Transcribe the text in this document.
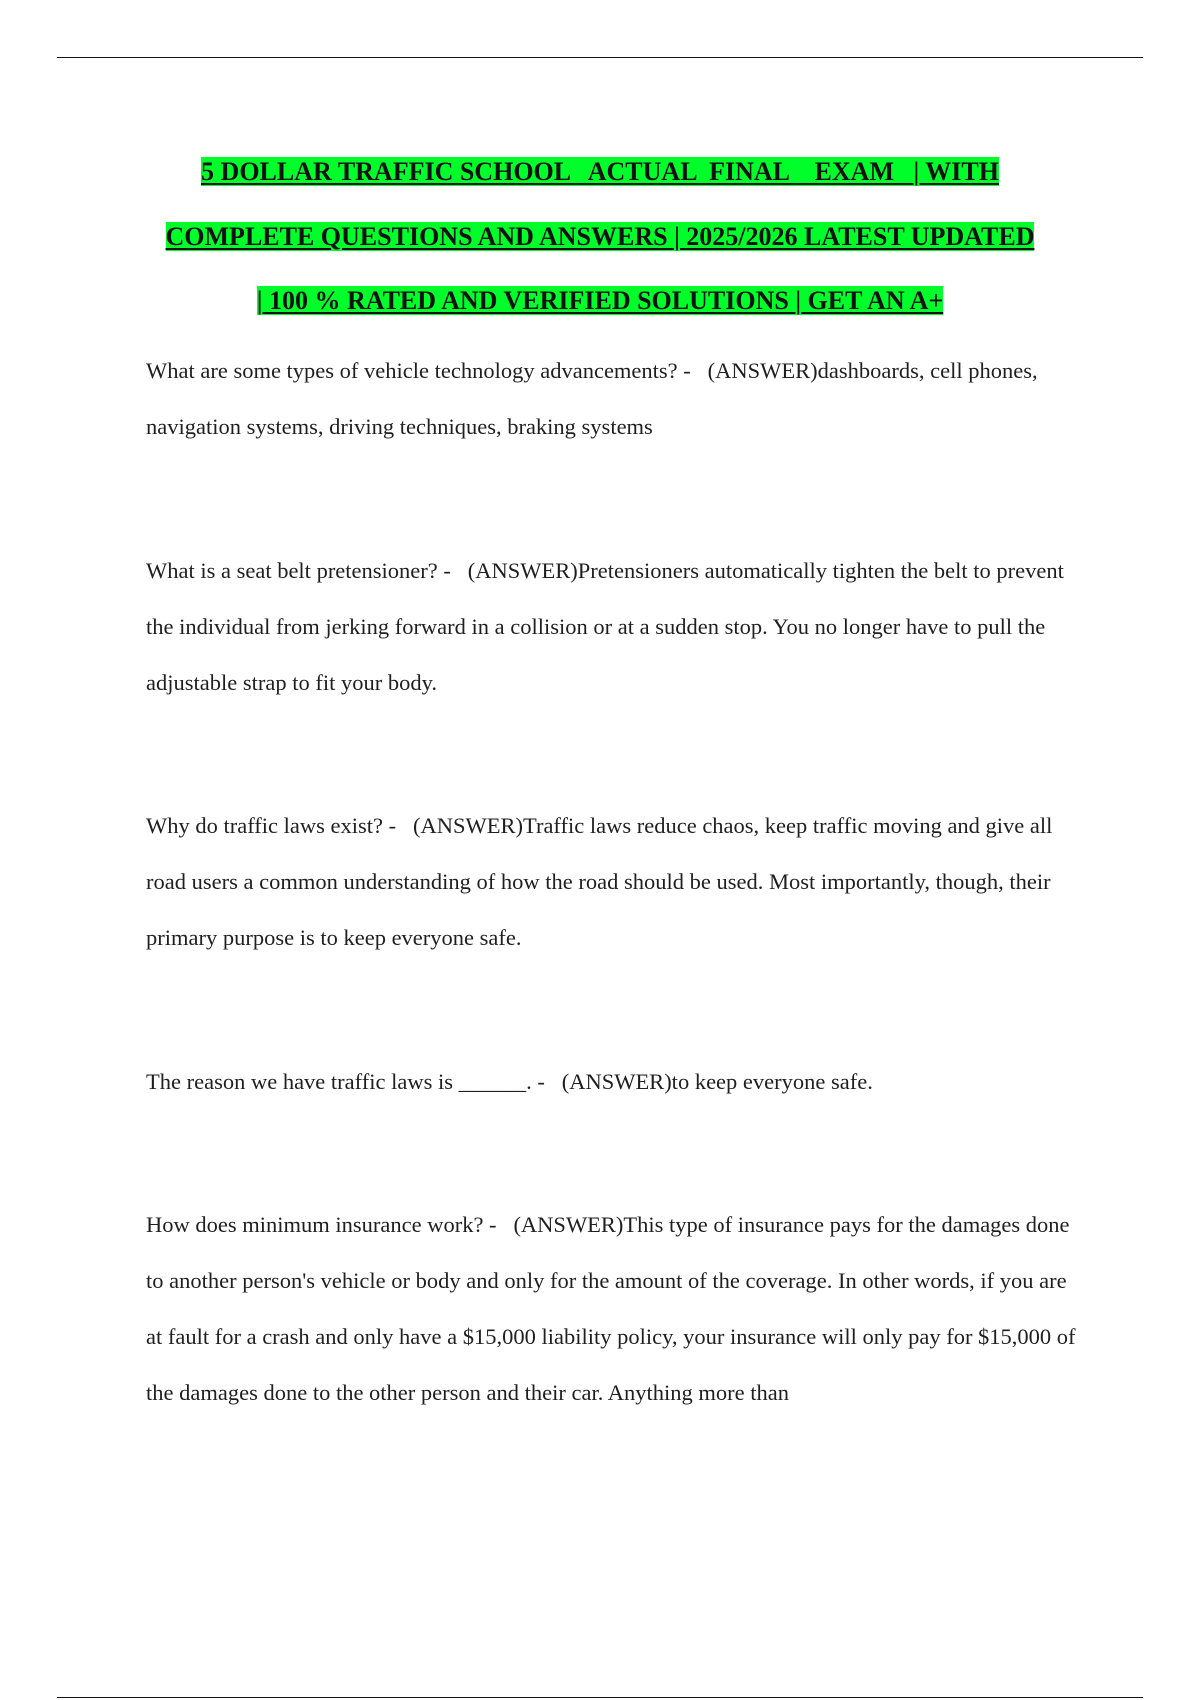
5 DOLLAR TRAFFIC SCHOOL   ACTUAL  FINAL    EXAM   | WITH
COMPLETE QUESTIONS AND ANSWERS | 2025/2026 LATEST UPDATED
| 100 % RATED AND VERIFIED SOLUTIONS | GET AN A+

What are some types of vehicle technology advancements? -   (ANSWER)dashboards, cell phones, navigation systems, driving techniques, braking systems

What is a seat belt pretensioner? -   (ANSWER)Pretensioners automatically tighten the belt to prevent the individual from jerking forward in a collision or at a sudden stop. You no longer have to pull the adjustable strap to fit your body.

Why do traffic laws exist? -   (ANSWER)Traffic laws reduce chaos, keep traffic moving and give all road users a common understanding of how the road should be used. Most importantly, though, their primary purpose is to keep everyone safe.

The reason we have traffic laws is ______. -   (ANSWER)to keep everyone safe.

How does minimum insurance work? -   (ANSWER)This type of insurance pays for the damages done to another person's vehicle or body and only for the amount of the coverage. In other words, if you are at fault for a crash and only have a $15,000 liability policy, your insurance will only pay for $15,000 of the damages done to the other person and their car. Anything more than
